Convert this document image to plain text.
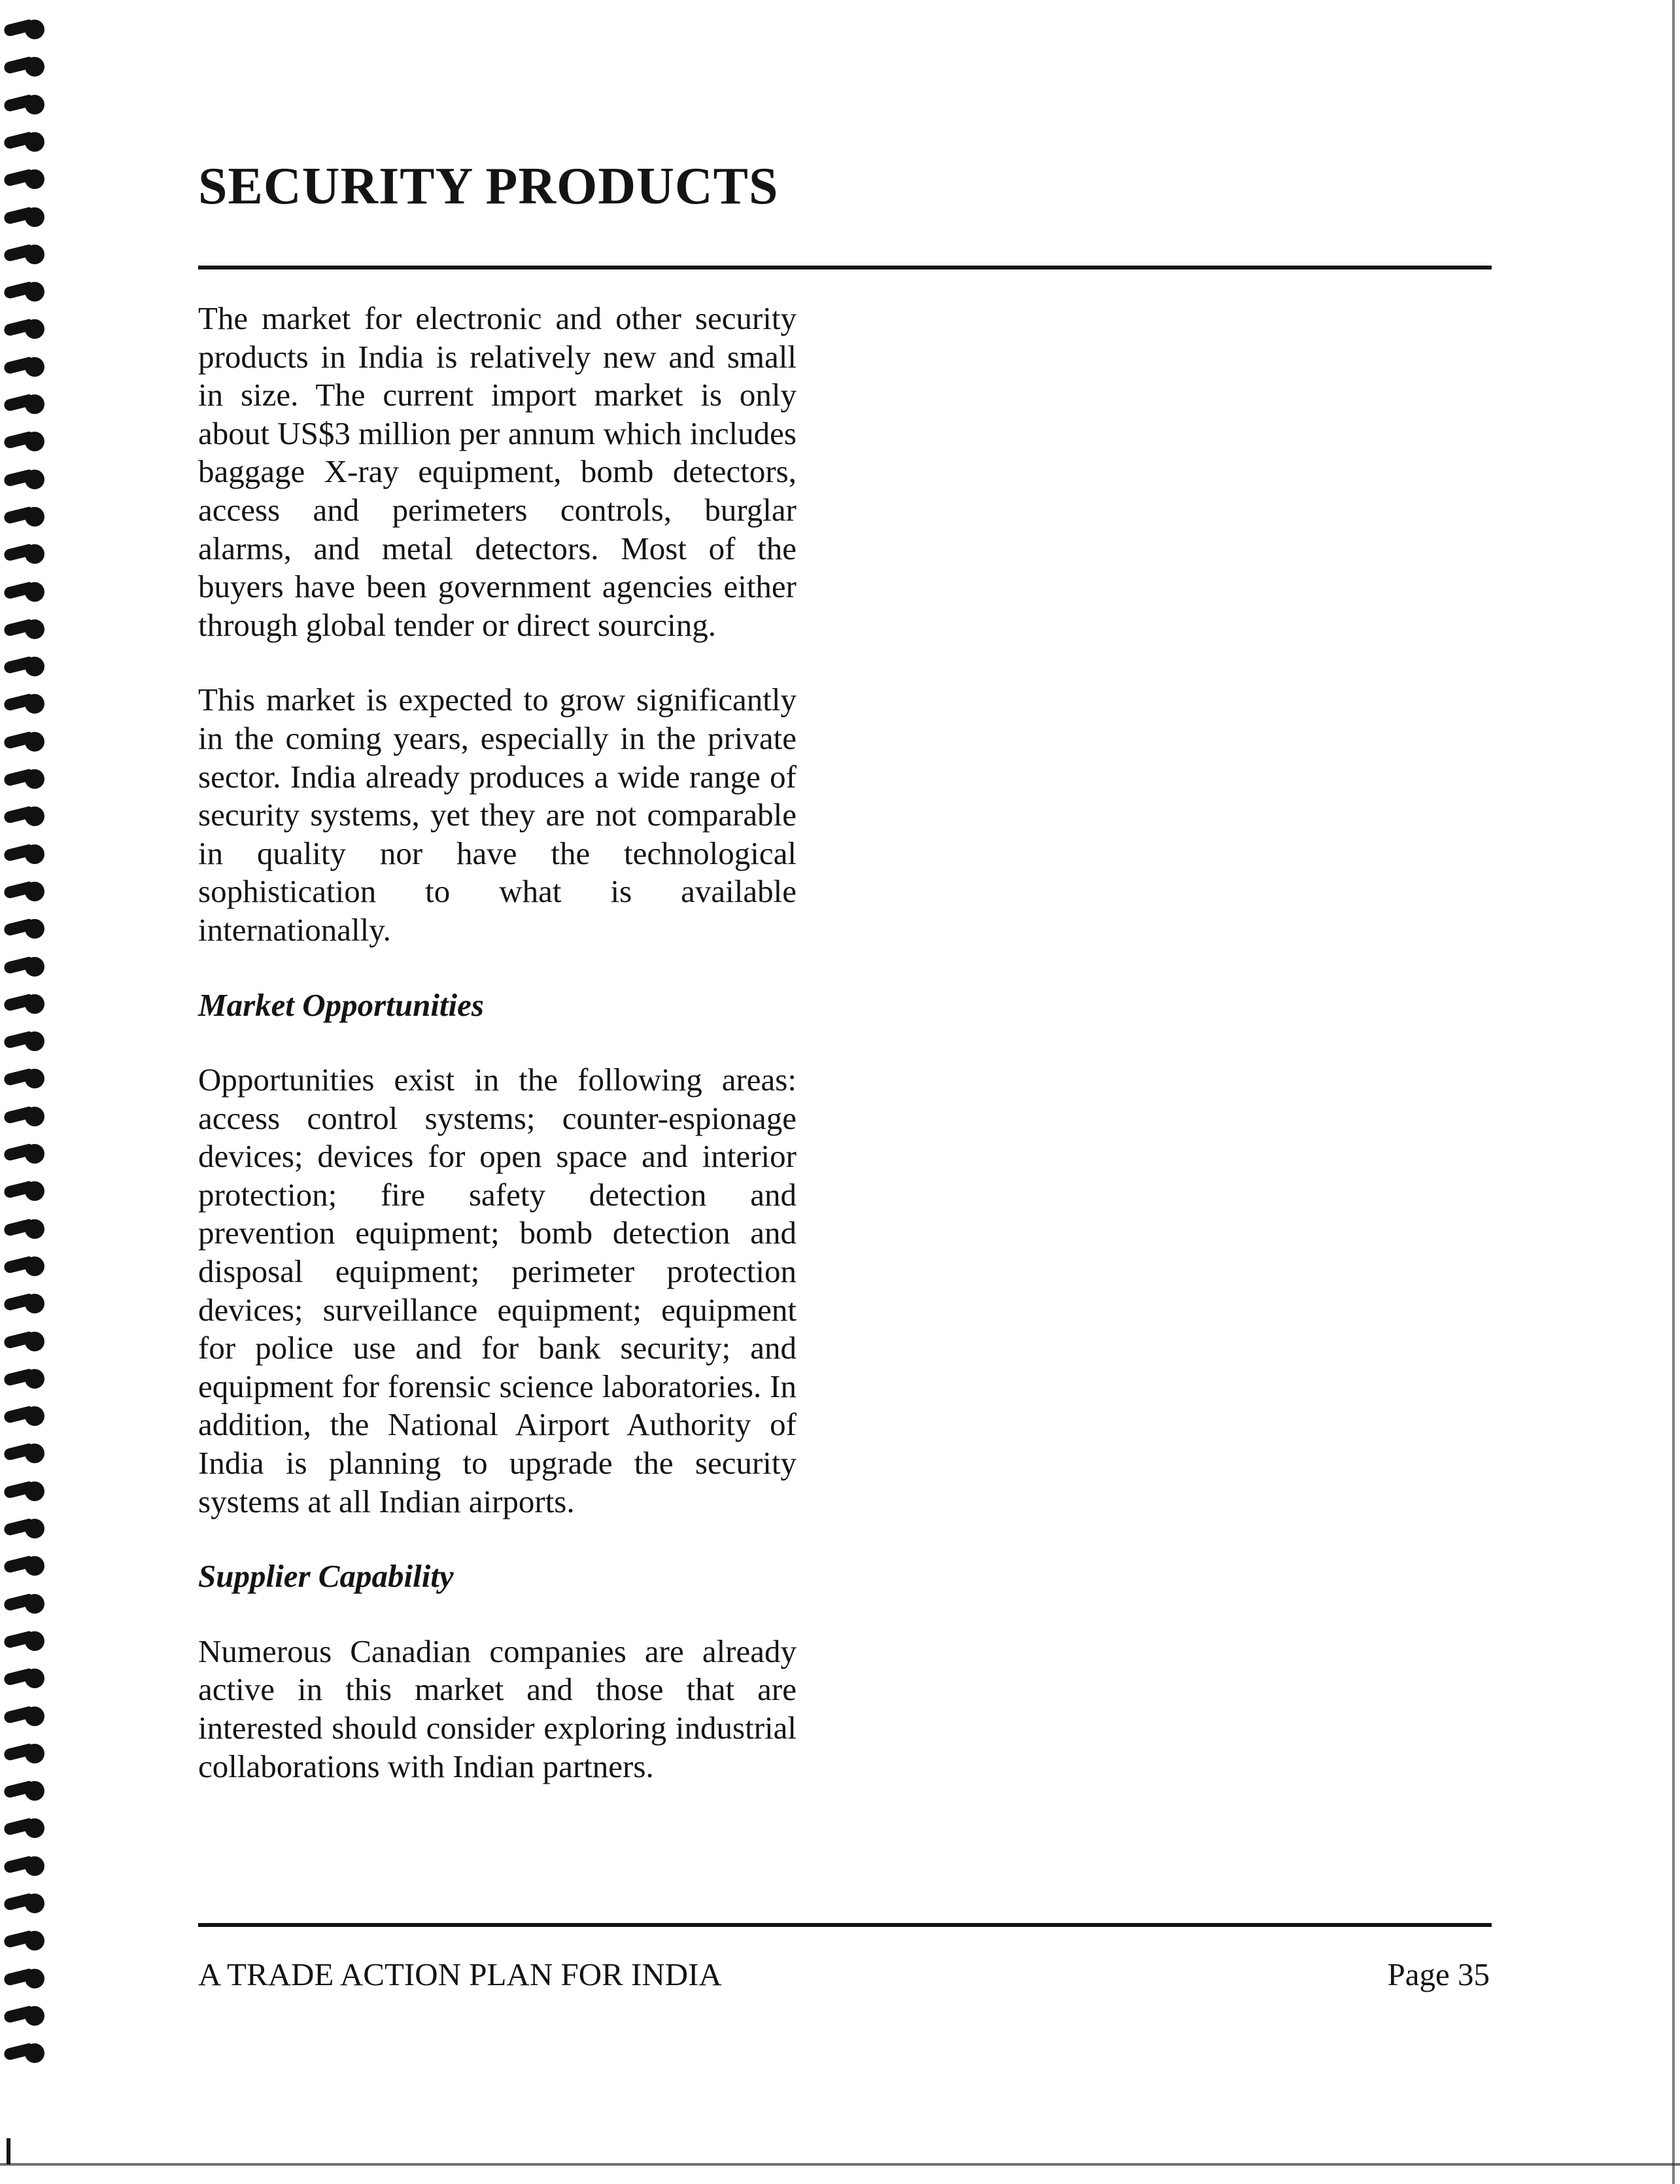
SECURITY PRODUCTS

The market for electronic and other security products in India is relatively new and small in size. The current import market is only about US$3 million per annum which includes baggage X-ray equipment, bomb detectors, access and perimeters controls, burglar alarms, and metal detectors. Most of the buyers have been government agencies either through global tender or direct sourcing.

This market is expected to grow significantly in the coming years, especially in the private sector. India already produces a wide range of security systems, yet they are not comparable in quality nor have the technological sophistication to what is available internationally.

Market Opportunities

Opportunities exist in the following areas: access control systems; counter-espionage devices; devices for open space and interior protection; fire safety detection and prevention equipment; bomb detection and disposal equipment; perimeter protection devices; surveillance equipment; equipment for police use and for bank security; and equipment for forensic science laboratories. In addition, the National Airport Authority of India is planning to upgrade the security systems at all Indian airports.

Supplier Capability

Numerous Canadian companies are already active in this market and those that are interested should consider exploring industrial collaborations with Indian partners.

A TRADE ACTION PLAN FOR INDIA	Page 35
